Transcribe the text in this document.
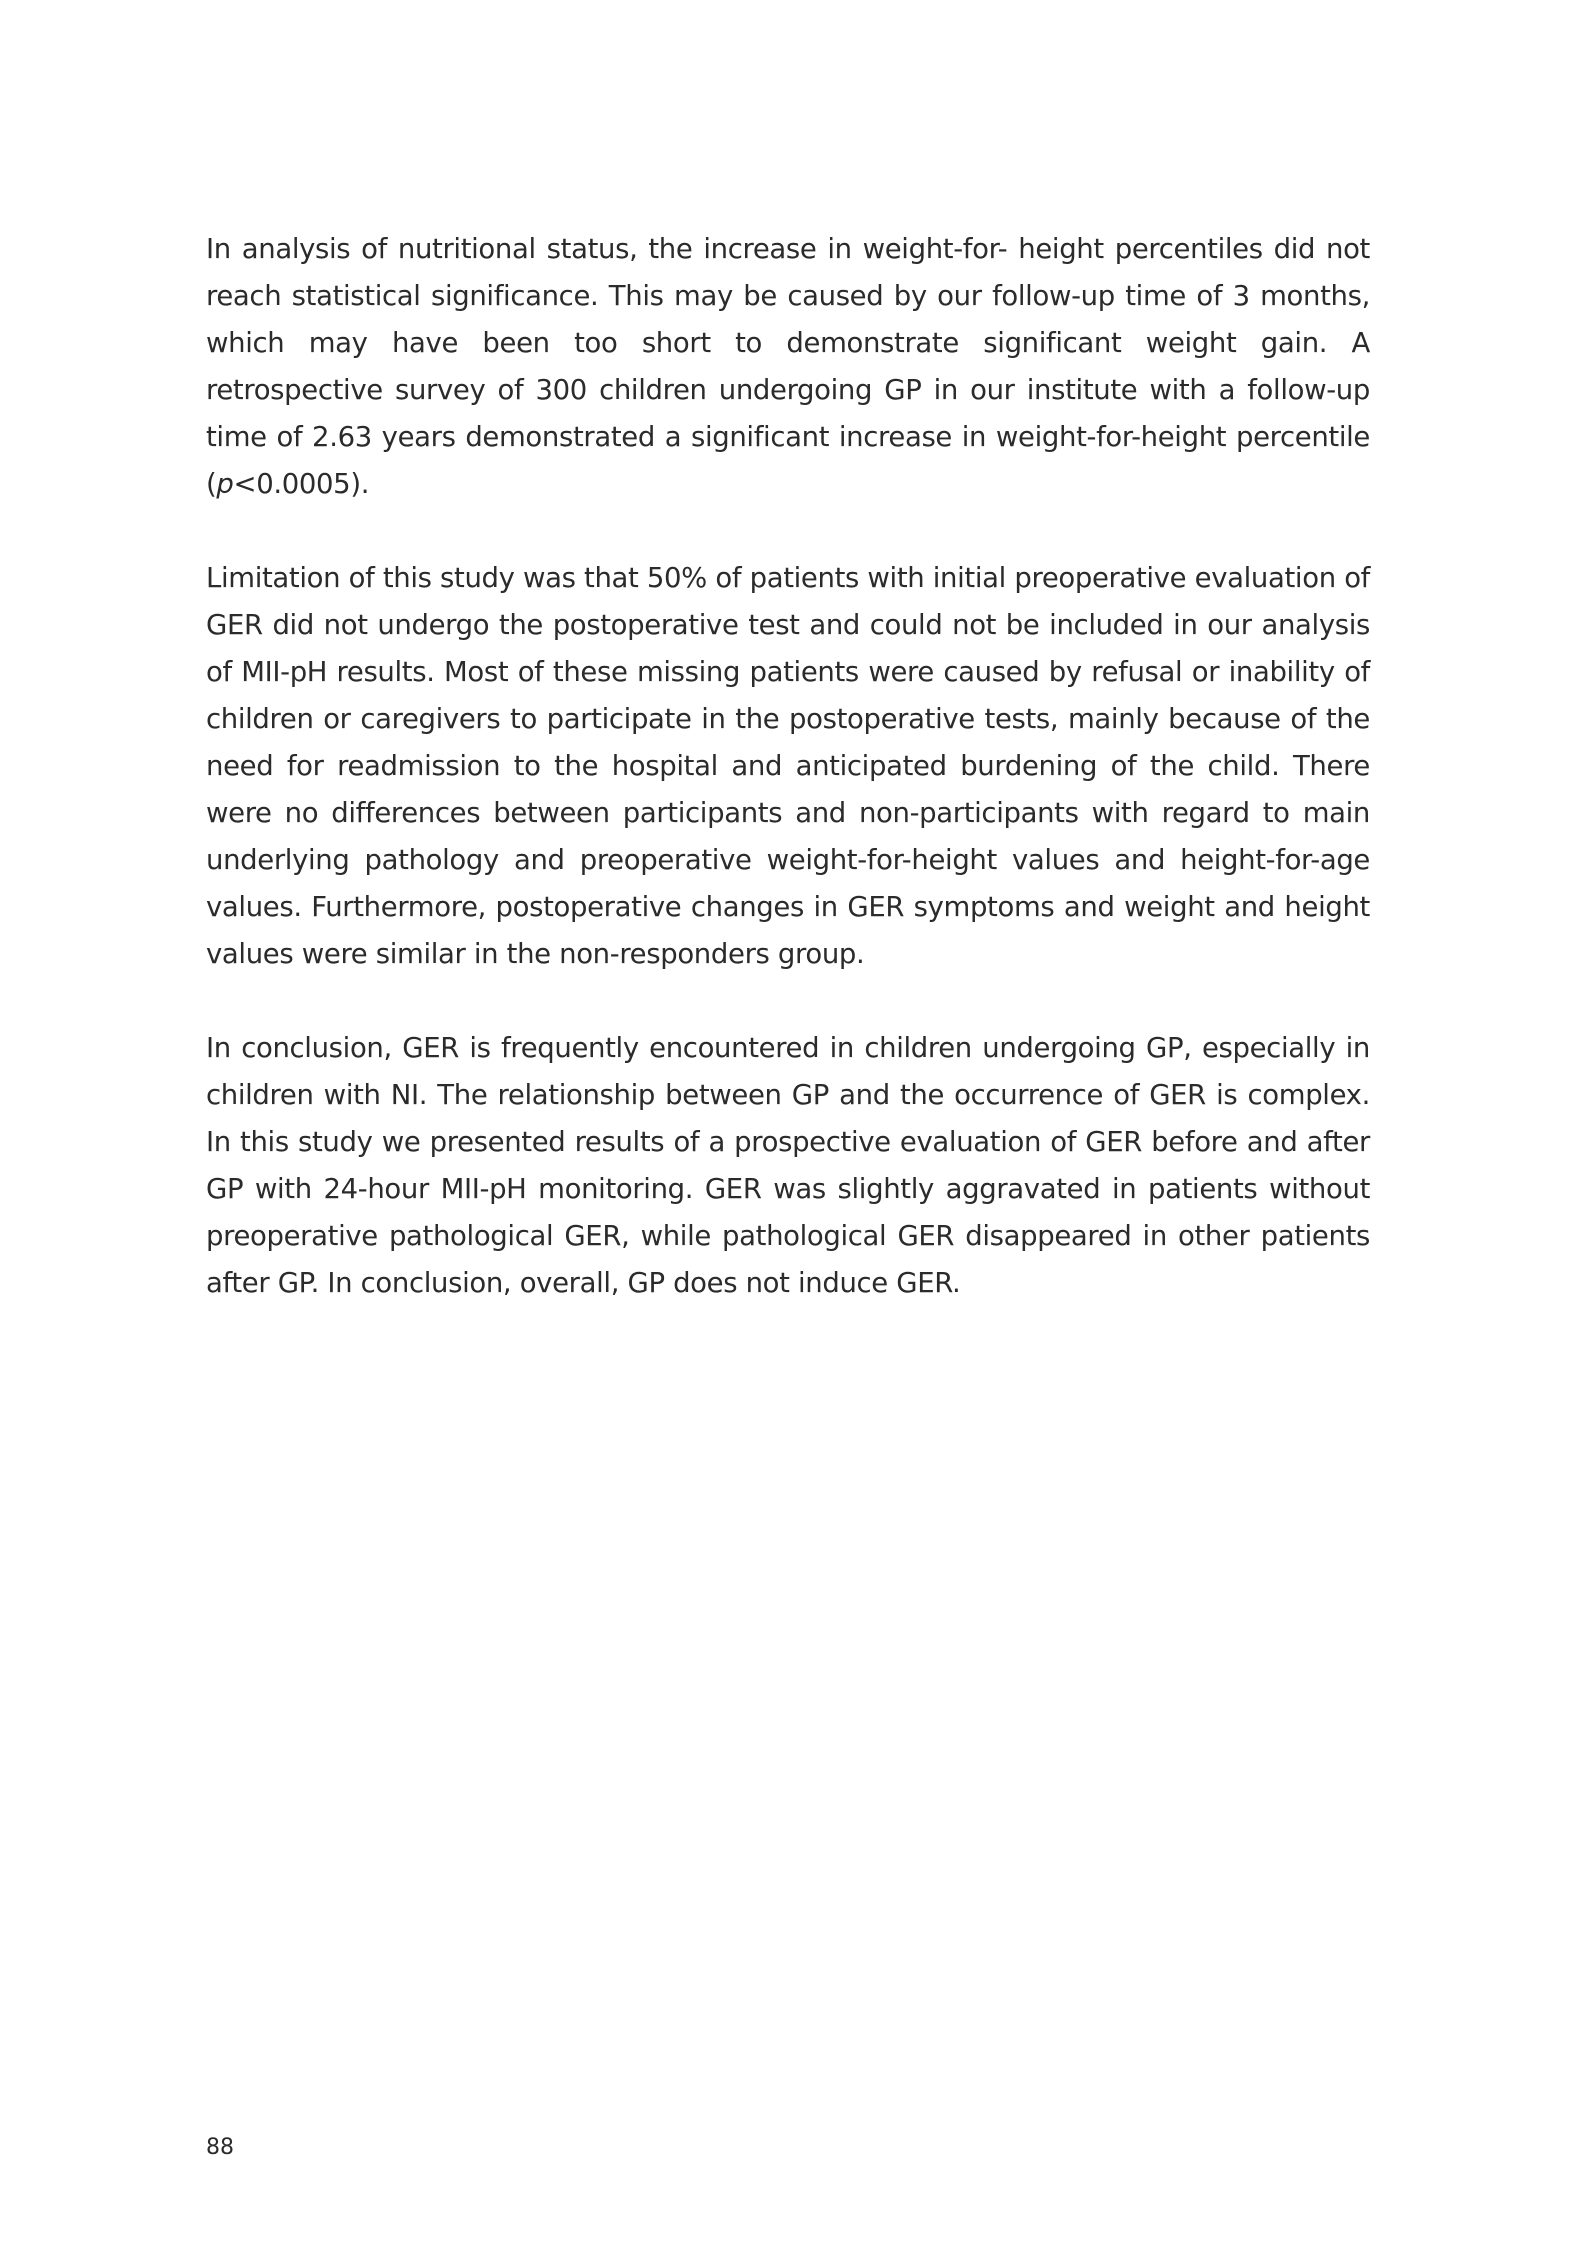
In analysis of nutritional status, the increase in weight-for- height percentiles did not reach statistical significance. This may be caused by our follow-up time of 3 months, which may have been too short to demonstrate significant weight gain. A retrospective survey of 300 children undergoing GP in our institute with a follow-up time of 2.63 years demonstrated a significant increase in weight-for-height percentile (p<0.0005).

Limitation of this study was that 50% of patients with initial preoperative evaluation of GER did not undergo the postoperative test and could not be included in our analysis of MII-pH results. Most of these missing patients were caused by refusal or inability of children or caregivers to participate in the postoperative tests, mainly because of the need for readmission to the hospital and anticipated burdening of the child. There were no differences between participants and non-participants with regard to main underlying pathology and preoperative weight-for-height values and height-for-age values. Furthermore, postoperative changes in GER symptoms and weight and height values were similar in the non-responders group.

In conclusion, GER is frequently encountered in children undergoing GP, especially in children with NI. The relationship between GP and the occurrence of GER is complex. In this study we presented results of a prospective evaluation of GER before and after GP with 24-hour MII-pH monitoring. GER was slightly aggravated in patients without preoperative pathological GER, while pathological GER disappeared in other patients after GP. In conclusion, overall, GP does not induce GER.

88
